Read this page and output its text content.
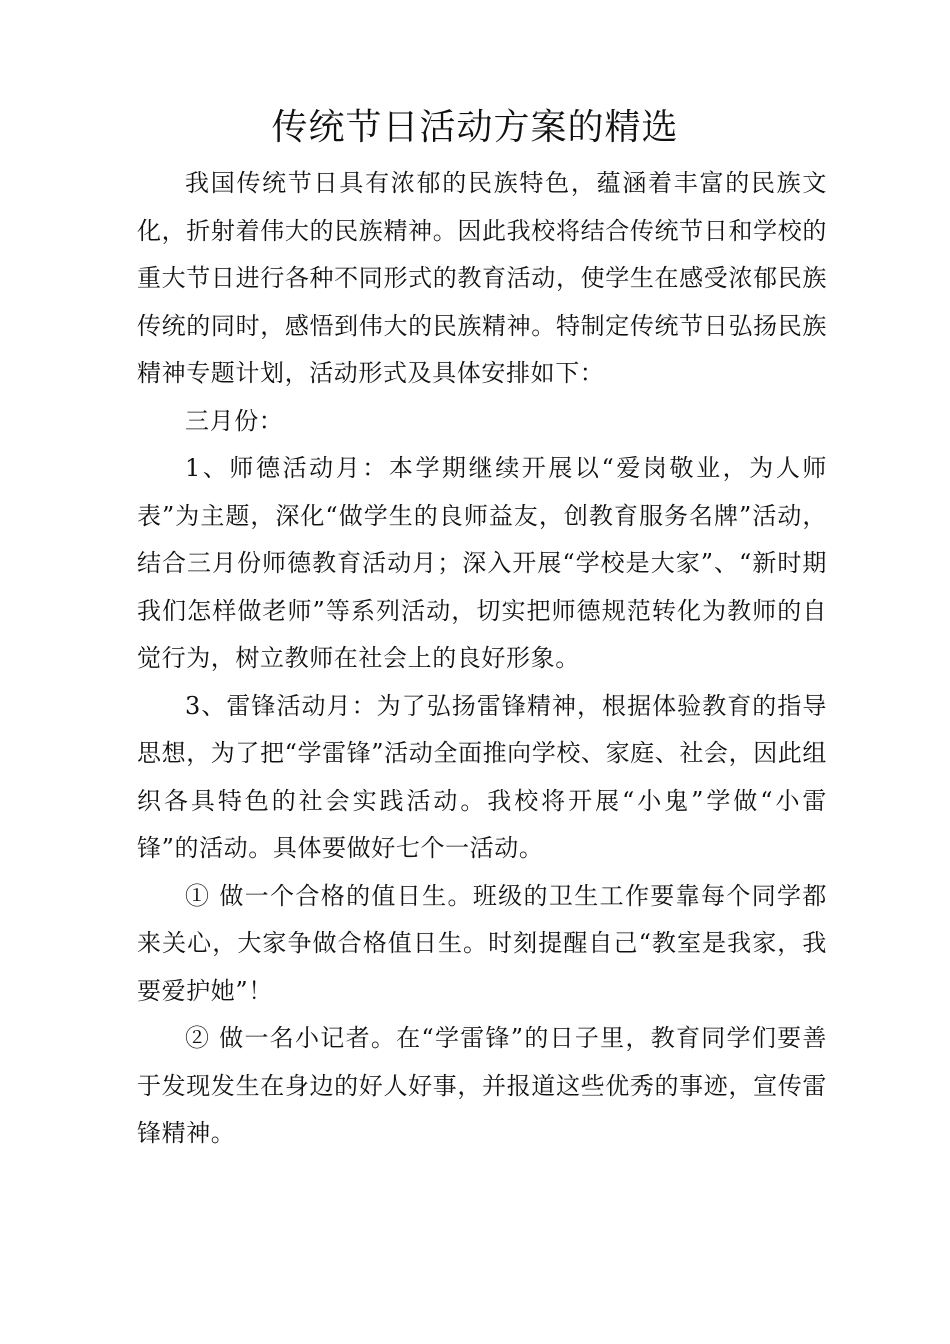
传统节日活动方案的精选

我国传统节日具有浓郁的民族特色，蕴涵着丰富的民族文化，折射着伟大的民族精神。因此我校将结合传统节日和学校的重大节日进行各种不同形式的教育活动，使学生在感受浓郁民族传统的同时，感悟到伟大的民族精神。特制定传统节日弘扬民族精神专题计划，活动形式及具体安排如下：

三月份：

1、师德活动月：本学期继续开展以“爱岗敬业，为人师表”为主题，深化“做学生的良师益友，创教育服务名牌”活动，结合三月份师德教育活动月；深入开展“学校是大家”、“新时期我们怎样做老师”等系列活动，切实把师德规范转化为教师的自觉行为，树立教师在社会上的良好形象。

3、雷锋活动月：为了弘扬雷锋精神，根据体验教育的指导思想，为了把“学雷锋”活动全面推向学校、家庭、社会，因此组织各具特色的社会实践活动。我校将开展“小鬼”学做“小雷锋”的活动。具体要做好七个一活动。

① 做一个合格的值日生。班级的卫生工作要靠每个同学都来关心，大家争做合格值日生。时刻提醒自己“教室是我家，我要爱护她”！

② 做一名小记者。在“学雷锋”的日子里，教育同学们要善于发现发生在身边的好人好事，并报道这些优秀的事迹，宣传雷锋精神。
